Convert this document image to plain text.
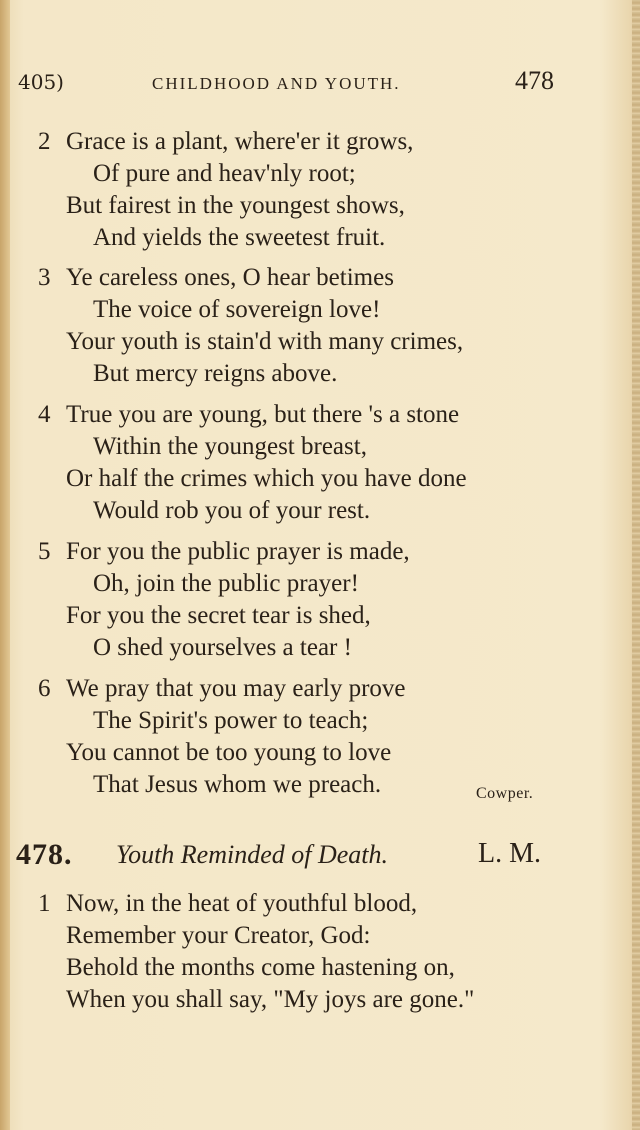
405)	CHILDHOOD AND YOUTH.	478
2 Grace is a plant, where'er it grows,
Of pure and heav'nly root;
But fairest in the youngest shows,
And yields the sweetest fruit.
3 Ye careless ones, O hear betimes
The voice of sovereign love!
Your youth is stain'd with many crimes,
But mercy reigns above.
4 True you are young, but there 's a stone
Within the youngest breast,
Or half the crimes which you have done
Would rob you of your rest.
5 For you the public prayer is made,
Oh, join the public prayer!
For you the secret tear is shed,
O shed yourselves a tear !
6 We pray that you may early prove
The Spirit's power to teach;
You cannot be too young to love
That Jesus whom we preach.	Cowper.
478. Youth Reminded of Death.	L. M.
1 Now, in the heat of youthful blood,
Remember your Creator, God:
Behold the months come hastening on,
When you shall say, "My joys are gone."
